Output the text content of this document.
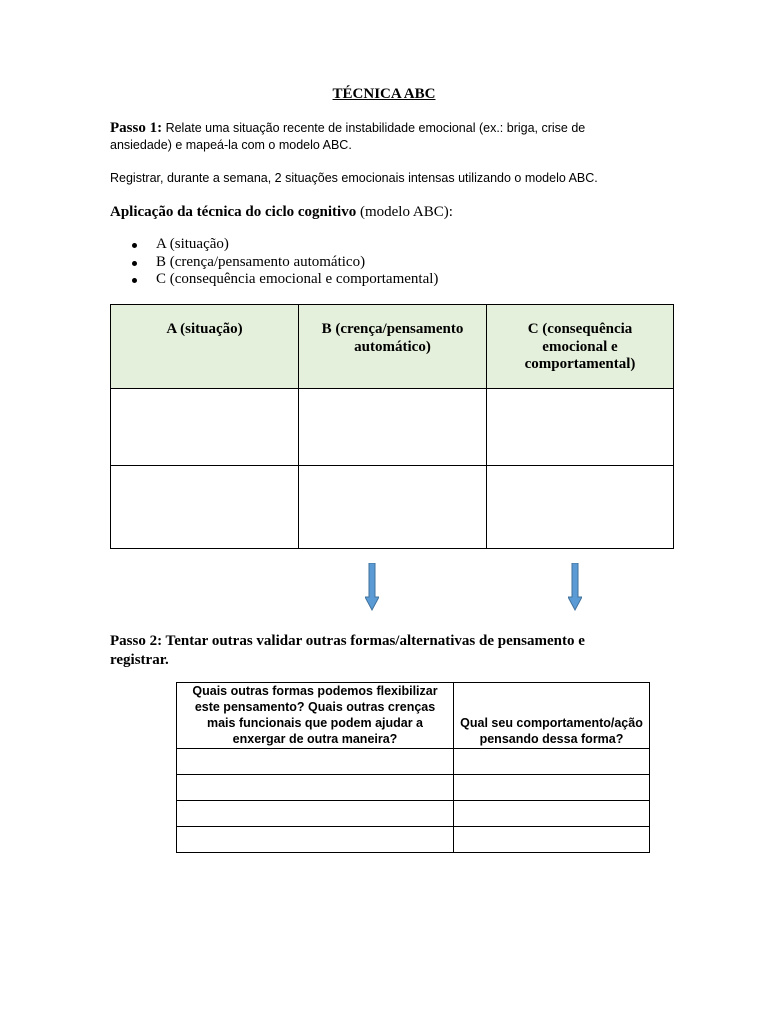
TÉCNICA ABC
Passo 1: Relate uma situação recente de instabilidade emocional (ex.: briga, crise de ansiedade) e mapeá-la com o modelo ABC.
Registrar, durante a semana, 2 situações emocionais intensas utilizando o modelo ABC.
Aplicação da técnica do ciclo cognitivo (modelo ABC):
A (situação)
B (crença/pensamento automático)
C (consequência emocional e comportamental)
A (situação)	B (crença/pensamento automático)	C (consequência emocional e comportamental)

Passo 2: Tentar outras validar outras formas/alternativas de pensamento e registrar.
Quais outras formas podemos flexibilizar este pensamento? Quais outras crenças mais funcionais que podem ajudar a enxergar de outra maneira?	Qual seu comportamento/ação pensando dessa forma?
